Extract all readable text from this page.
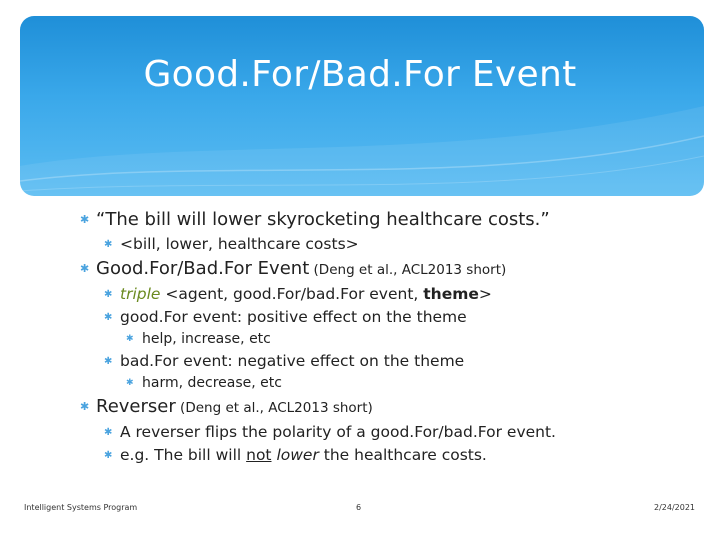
Good.For/Bad.For Event
✱ “The bill will lower skyrocketing healthcare costs.”
✱ <bill, lower, healthcare costs>
✱ Good.For/Bad.For Event (Deng et al., ACL2013 short)
✱ triple <agent, good.For/bad.For event, theme>
✱ good.For event: positive effect on the theme
✱ help, increase, etc
✱ bad.For event: negative effect on the theme
✱ harm, decrease, etc
✱ Reverser (Deng et al., ACL2013 short)
✱ A reverser flips the polarity of a good.For/bad.For event.
✱ e.g. The bill will not lower the healthcare costs.
Intelligent Systems Program	6	2/24/2021
